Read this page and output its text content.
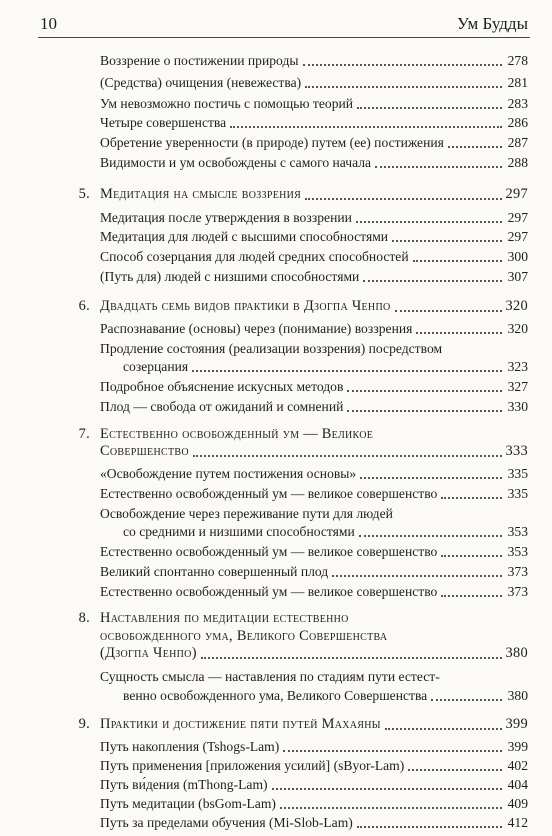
10	Ум Будды
Воззрение о постижении природы	278
(Средства) очищения (невежества)	281
Ум невозможно постичь с помощью теорий	283
Четыре совершенства	286
Обретение уверенности (в природе) путем (ее) постижения	287
Видимости и ум освобождены с самого начала	288
5. Медитация на смысле воззрения	297
Медитация после утверждения в воззрении	297
Медитация для людей с высшими способностями	297
Способ созерцания для людей средних способностей	300
(Путь для) людей с низшими способностями	307
6. Двадцать семь видов практики в Дзогпа Ченпо	320
Распознавание (основы) через (понимание) воззрения	320
Продление состояния (реализации воззрения) посредством
созерцания	323
Подробное объяснение искусных методов	327
Плод — свобода от ожиданий и сомнений	330
7. Естественно освобожденный ум — Великое
Совершенство	333
«Освобождение путем постижения основы»	335
Естественно освобожденный ум — великое совершенство	335
Освобождение через переживание пути для людей
со средними и низшими способностями	353
Естественно освобожденный ум — великое совершенство	353
Великий спонтанно совершенный плод	373
Естественно освобожденный ум — великое совершенство	373
8. Наставления по медитации естественно
освобожденного ума, Великого Совершенства
(Дзогпа Ченпо)	380
Сущность смысла — наставления по стадиям пути естест-
венно освобожденного ума, Великого Совершенства	380
9. Практики и достижение пяти путей Махаяны	399
Путь накопления (Tshogs-Lam)	399
Путь применения [приложения усилий] (sByor-Lam)	402
Путь ви́дения (mThong-Lam)	404
Путь медитации (bsGom-Lam)	409
Путь за пределами обучения (Mi-Slob-Lam)	412
